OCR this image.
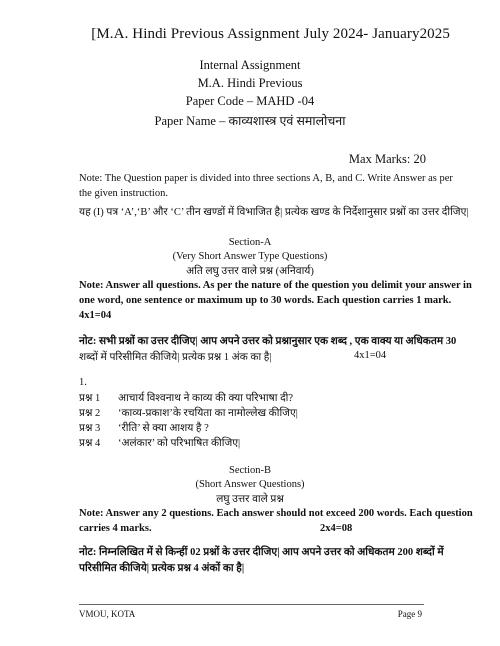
[M.A. Hindi Previous Assignment July 2024- January2025
Internal Assignment
M.A. Hindi Previous
Paper Code – MAHD -04
Paper Name – काव्यशास्त्र एवं समालोचना
Max Marks: 20
Note: The Question paper is divided into three sections A, B, and C. Write Answer as per
the given instruction.
यह (I) पत्र ‘A’,‘B’ और ‘C’ तीन खण्डों में विभाजित है| प्रत्येक खण्ड के निर्देशानुसार प्रश्नों का उत्तर दीजिए|
Section-A
(Very Short Answer Type Questions)
अति लघु उत्तर वाले प्रश्न (अनिवार्य)
Note: Answer all questions. As per the nature of the question you delimit your answer in
one word, one sentence or maximum up to 30 words. Each question carries 1 mark.
4x1=04
नोट: सभी प्रश्नों का उत्तर दीजिए| आप अपने उत्तर को प्रश्नानुसार एक शब्द , एक वाक्य या अधिकतम 30
शब्दों में परिसीमित कीजिये| प्रत्येक प्रश्न 1 अंक का है|	4x1=04
1.
प्रश्न 1 आचार्य विश्वनाथ ने काव्य की क्या परिभाषा दी?
प्रश्न 2 ‘काव्य-प्रकाश’के रचयिता का नामोल्लेख कीजिए|
प्रश्न 3 ‘रीति’ से क्या आशय है ?
प्रश्न 4 ‘अलंकार’ को परिभाषित कीजिए|
Section-B
(Short Answer Questions)
लघु उत्तर वाले प्रश्न
Note: Answer any 2 questions. Each answer should not exceed 200 words. Each question
carries 4 marks.	2x4=08
नोट: निम्नलिखित में से किन्हीं 02 प्रश्नों के उत्तर दीजिए| आप अपने उत्तर को अधिकतम 200 शब्दों में
परिसीमित कीजिये| प्रत्येक प्रश्न 4 अंकों का है|
VMOU, KOTA	Page 9
